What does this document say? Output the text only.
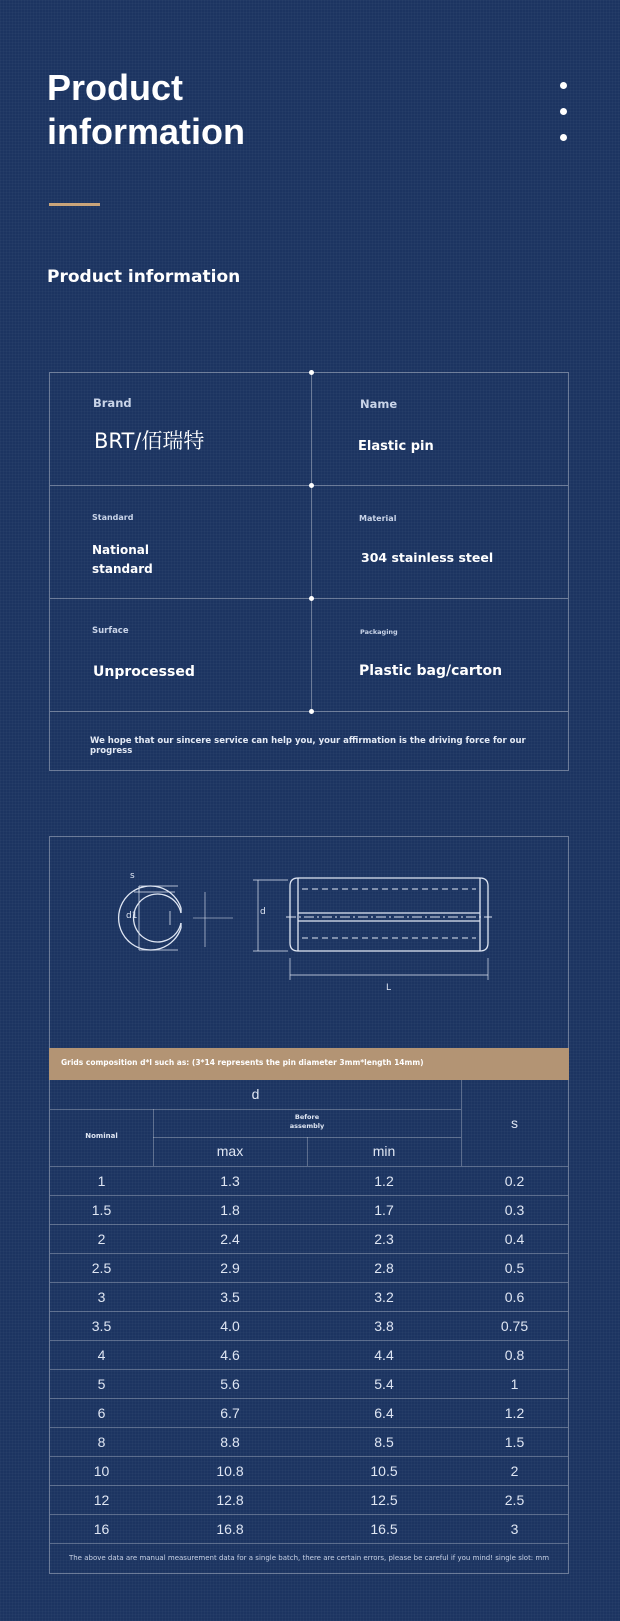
Product information
Product information
Brand
BRT/佰瑞特
Name
Elastic pin
Standard
National
standard
Material
304 stainless steel
Surface
Unprocessed
Packaging
Plastic bag/carton
We hope that our sincere service can help you, your affirmation is the driving force for our progress
s
d1	d
L
Grids composition d*l such as: (3*14 represents the pin diameter 3mm*length 14mm)
d
Nominal
Before
assembly
max	min
s
1	1.3	1.2	0.2
1.5	1.8	1.7	0.3
2	2.4	2.3	0.4
2.5	2.9	2.8	0.5
3	3.5	3.2	0.6
3.5	4.0	3.8	0.75
4	4.6	4.4	0.8
5	5.6	5.4	1
6	6.7	6.4	1.2
8	8.8	8.5	1.5
10	10.8	10.5	2
12	12.8	12.5	2.5
16	16.8	16.5	3
The above data are manual measurement data for a single batch, there are certain errors, please be careful if you mind! single slot: mm
